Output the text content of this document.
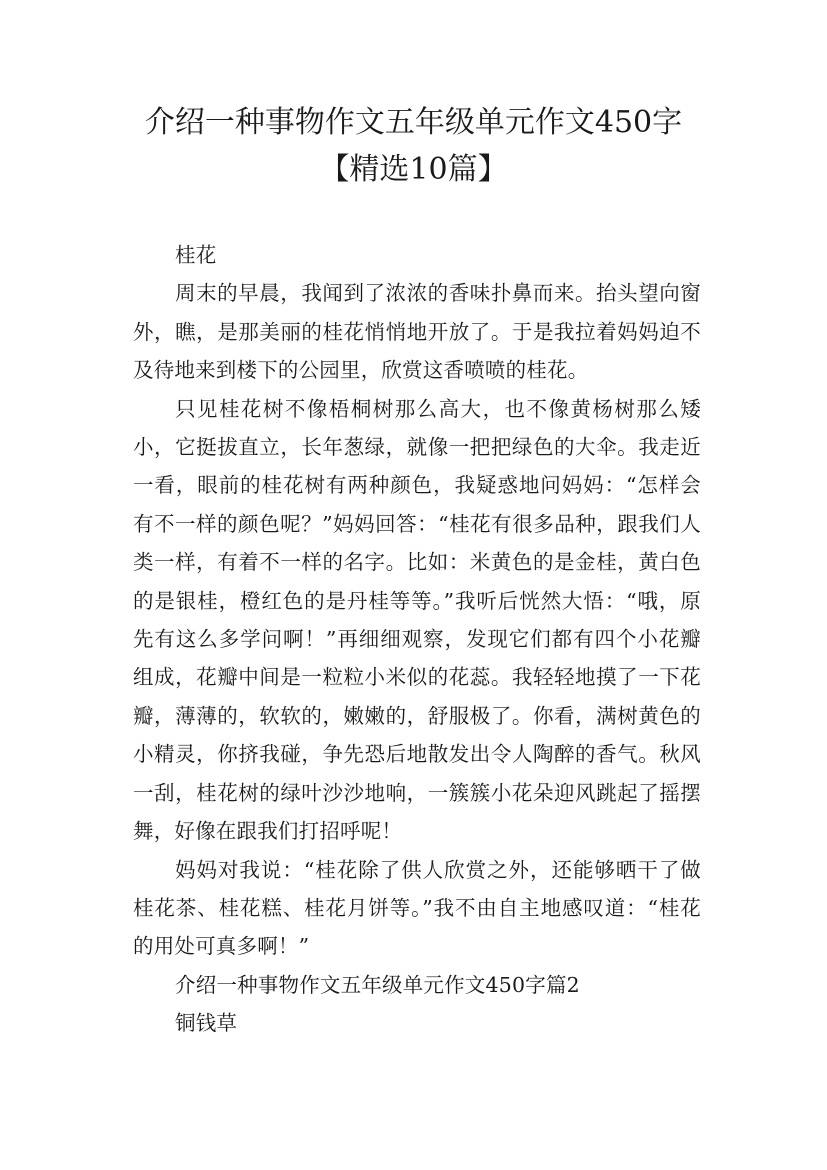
介绍一种事物作文五年级单元作文450字
【精选10篇】

桂花

周末的早晨，我闻到了浓浓的香味扑鼻而来。抬头望向窗外，瞧，是那美丽的桂花悄悄地开放了。于是我拉着妈妈迫不及待地来到楼下的公园里，欣赏这香喷喷的桂花。

只见桂花树不像梧桐树那么高大，也不像黄杨树那么矮小，它挺拔直立，长年葱绿，就像一把把绿色的大伞。我走近一看，眼前的桂花树有两种颜色，我疑惑地问妈妈：“怎样会有不一样的颜色呢？”妈妈回答：“桂花有很多品种，跟我们人类一样，有着不一样的名字。比如：米黄色的是金桂，黄白色的是银桂，橙红色的是丹桂等等。”我听后恍然大悟：“哦，原先有这么多学问啊！”再细细观察，发现它们都有四个小花瓣组成，花瓣中间是一粒粒小米似的花蕊。我轻轻地摸了一下花瓣，薄薄的，软软的，嫩嫩的，舒服极了。你看，满树黄色的小精灵，你挤我碰，争先恐后地散发出令人陶醉的香气。秋风一刮，桂花树的绿叶沙沙地响，一簇簇小花朵迎风跳起了摇摆舞，好像在跟我们打招呼呢！

妈妈对我说：“桂花除了供人欣赏之外，还能够晒干了做桂花茶、桂花糕、桂花月饼等。”我不由自主地感叹道：“桂花的用处可真多啊！”

介绍一种事物作文五年级单元作文450字篇2

铜钱草
